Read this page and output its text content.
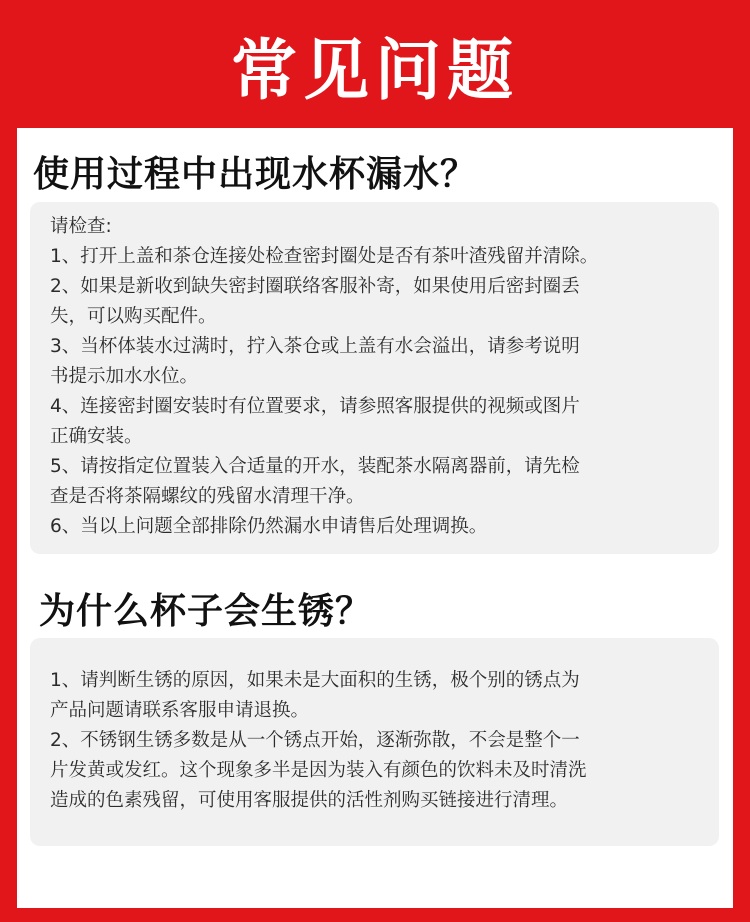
常见问题
使用过程中出现水杯漏水？
请检查:
1、打开上盖和茶仓连接处检查密封圈处是否有茶叶渣残留并清除。
2、如果是新收到缺失密封圈联络客服补寄，如果使用后密封圈丢
失，可以购买配件。
3、当杯体装水过满时，拧入茶仓或上盖有水会溢出，请参考说明
书提示加水水位。
4、连接密封圈安装时有位置要求，请参照客服提供的视频或图片
正确安装。
5、请按指定位置装入合适量的开水，装配茶水隔离器前，请先检
查是否将茶隔螺纹的残留水清理干净。
6、当以上问题全部排除仍然漏水申请售后处理调换。
为什么杯子会生锈？
1、请判断生锈的原因，如果未是大面积的生锈，极个别的锈点为
产品问题请联系客服申请退换。
2、不锈钢生锈多数是从一个锈点开始，逐渐弥散，不会是整个一
片发黄或发红。这个现象多半是因为装入有颜色的饮料未及时清洗
造成的色素残留，可使用客服提供的活性剂购买链接进行清理。
